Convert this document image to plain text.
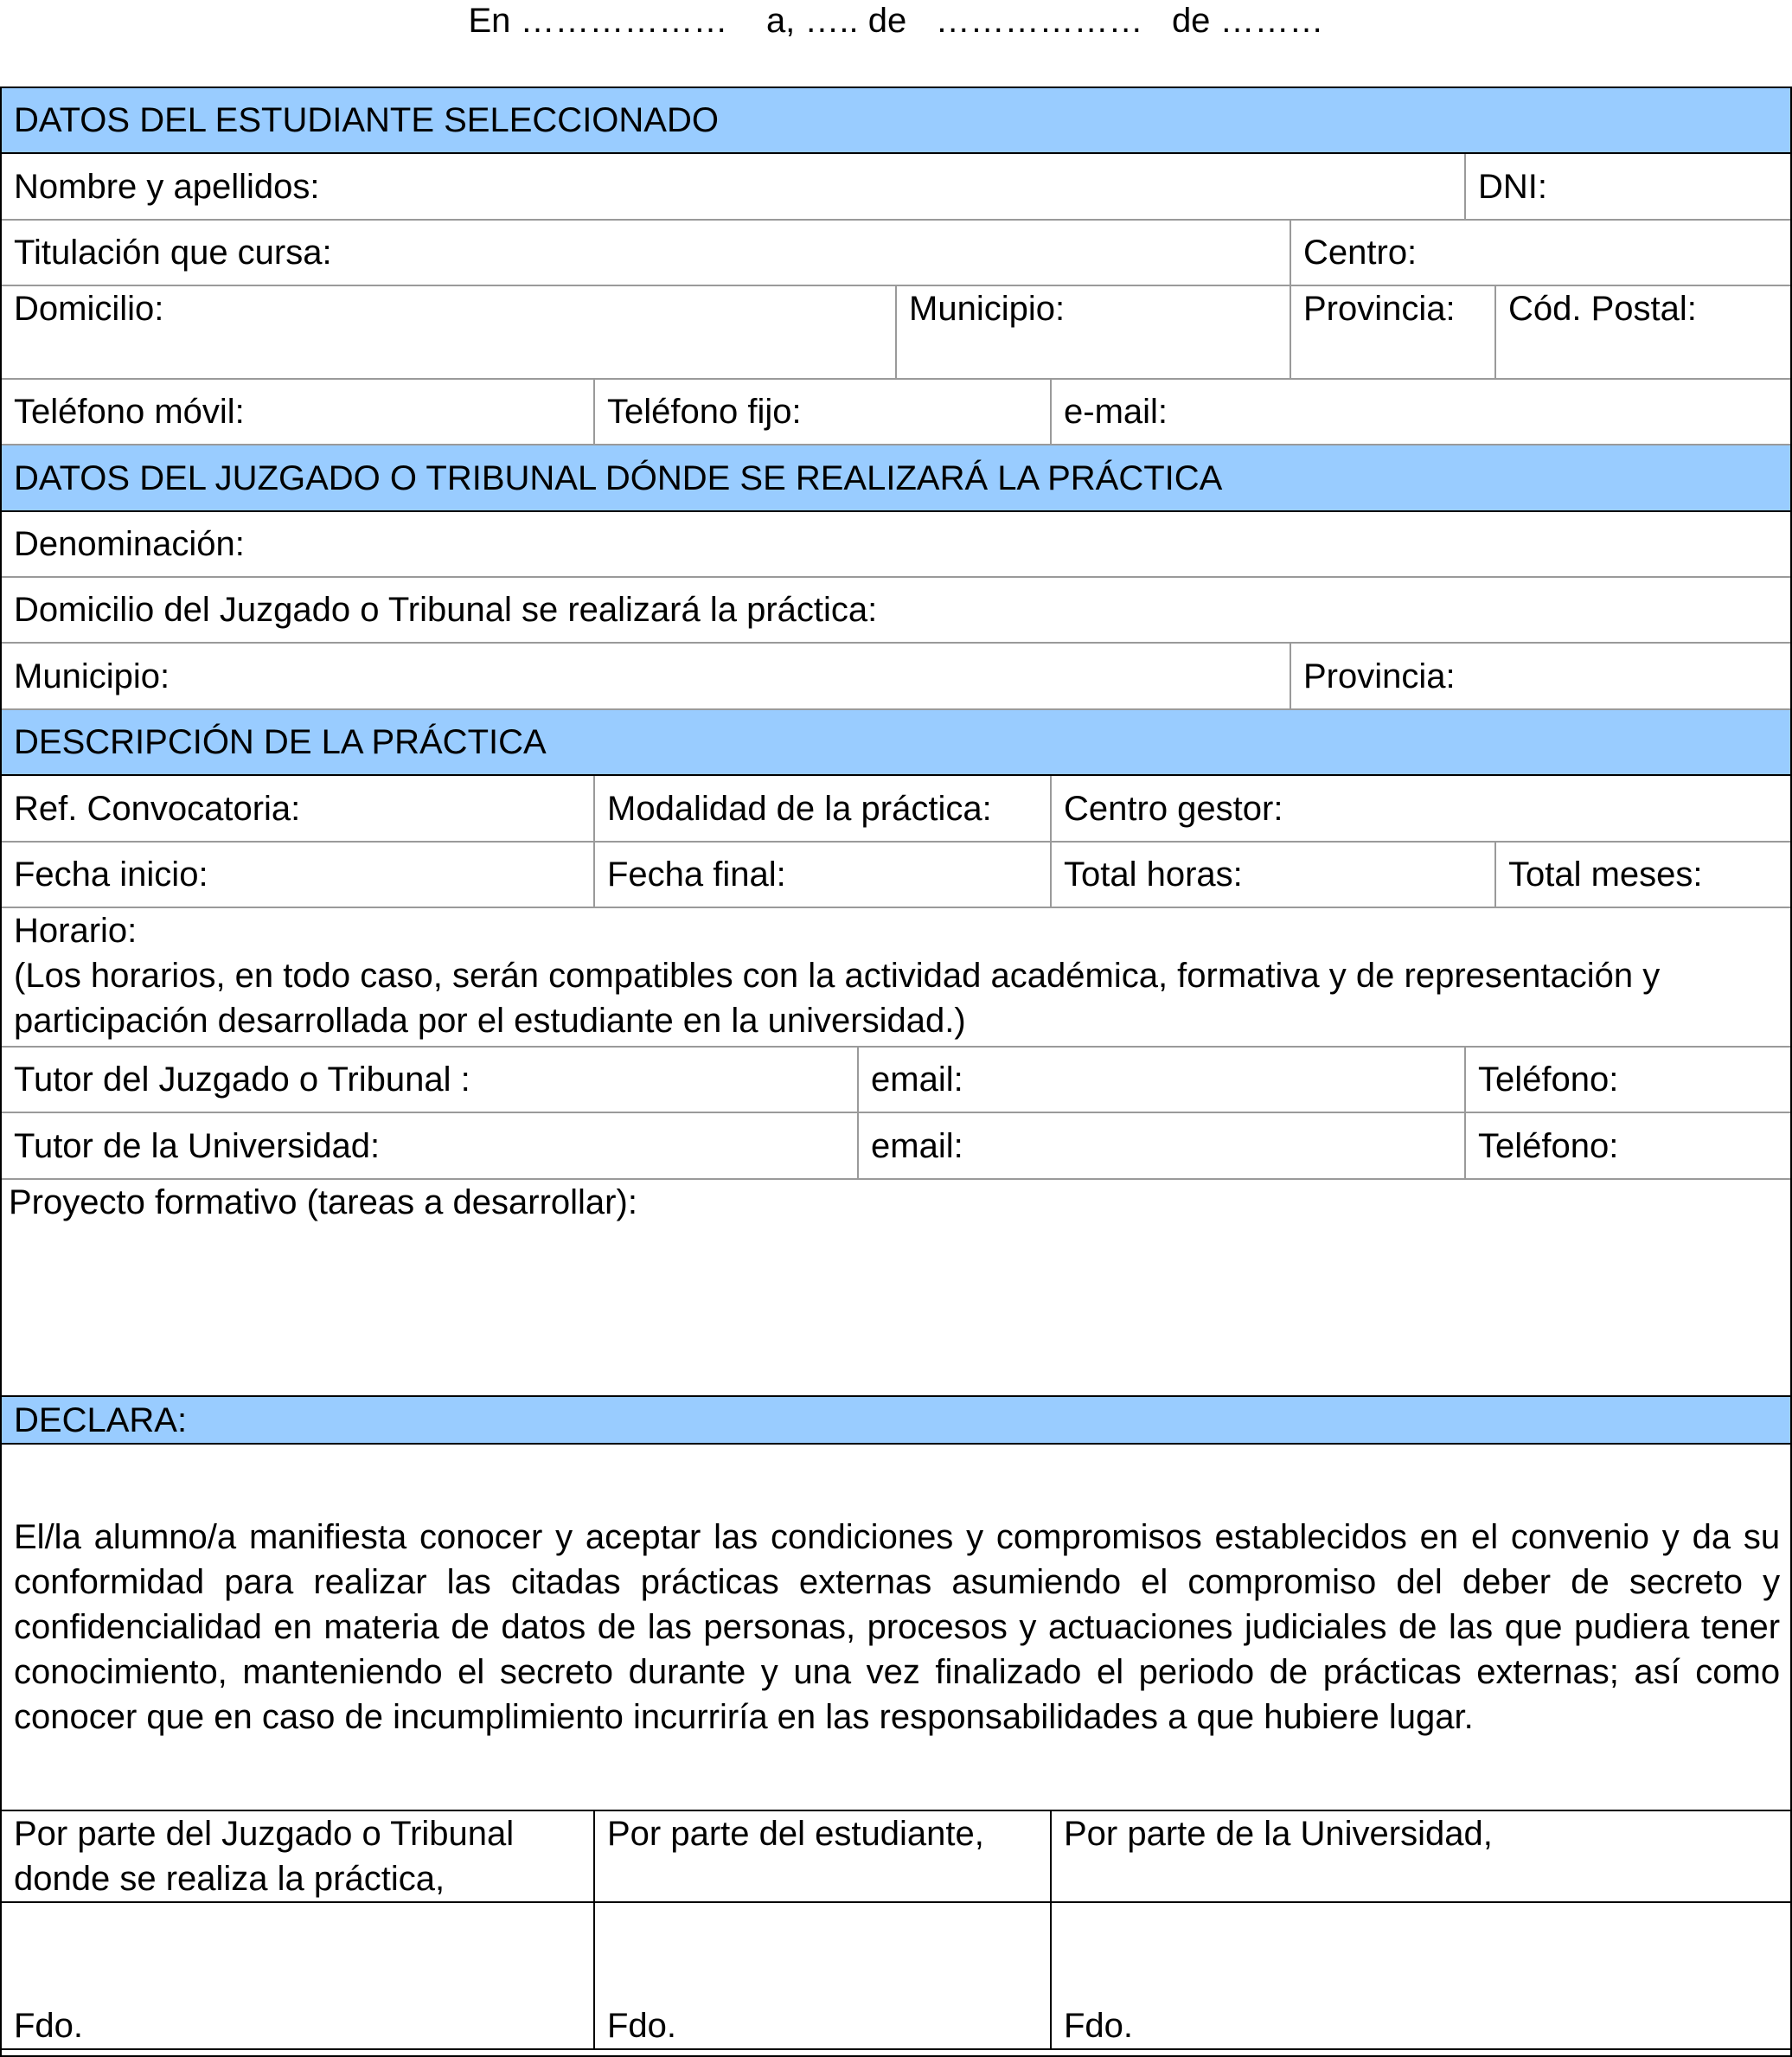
En ……………… a, ….. de ……………… de ………
DATOS DEL ESTUDIANTE SELECCIONADO							
Nombre y apellidos:						DNI:	
Titulación que cursa:					Centro:		
Domicilio:			Municipio:		Provincia:		Cód. Postal:
Teléfono móvil:	Teléfono fijo:			e-mail:			
DATOS DEL JUZGADO O TRIBUNAL DÓNDE SE REALIZARÁ LA PRÁCTICA							
Denominación:							
Domicilio del Juzgado o Tribunal se realizará la práctica:							
Municipio:					Provincia:		
DESCRIPCIÓN DE LA PRÁCTICA							
Ref. Convocatoria:	Modalidad de la práctica:			Centro gestor:			
Fecha inicio:	Fecha final:			Total horas:			Total meses:

Horario:
(Los horarios, en todo caso, serán compatibles con la actividad académica, formativa y de representación y participación desarrollada por el estudiante en la universidad.)							

Tutor del Juzgado o Tribunal :		email:				Teléfono:	
Tutor de la Universidad:		email:				Teléfono:	
Proyecto formativo (tareas a desarrollar):							
DECLARA:							
El/la alumno/a manifiesta conocer y aceptar las condiciones y compromisos establecidos en el convenio y da su conformidad para realizar las citadas prácticas externas asumiendo el compromiso del deber de secreto y confidencialidad en materia de datos de las personas, procesos y actuaciones judiciales de las que pudiera tener conocimiento, manteniendo el secreto durante y una vez finalizado el periodo de prácticas externas; así como conocer que en caso de incumplimiento incurriría en las responsabilidades a que hubiere lugar.							
Por parte del Juzgado o Tribunal donde se realiza la práctica,	Por parte del estudiante,			Por parte de la Universidad,			
Fdo.	Fdo.			Fdo.			
